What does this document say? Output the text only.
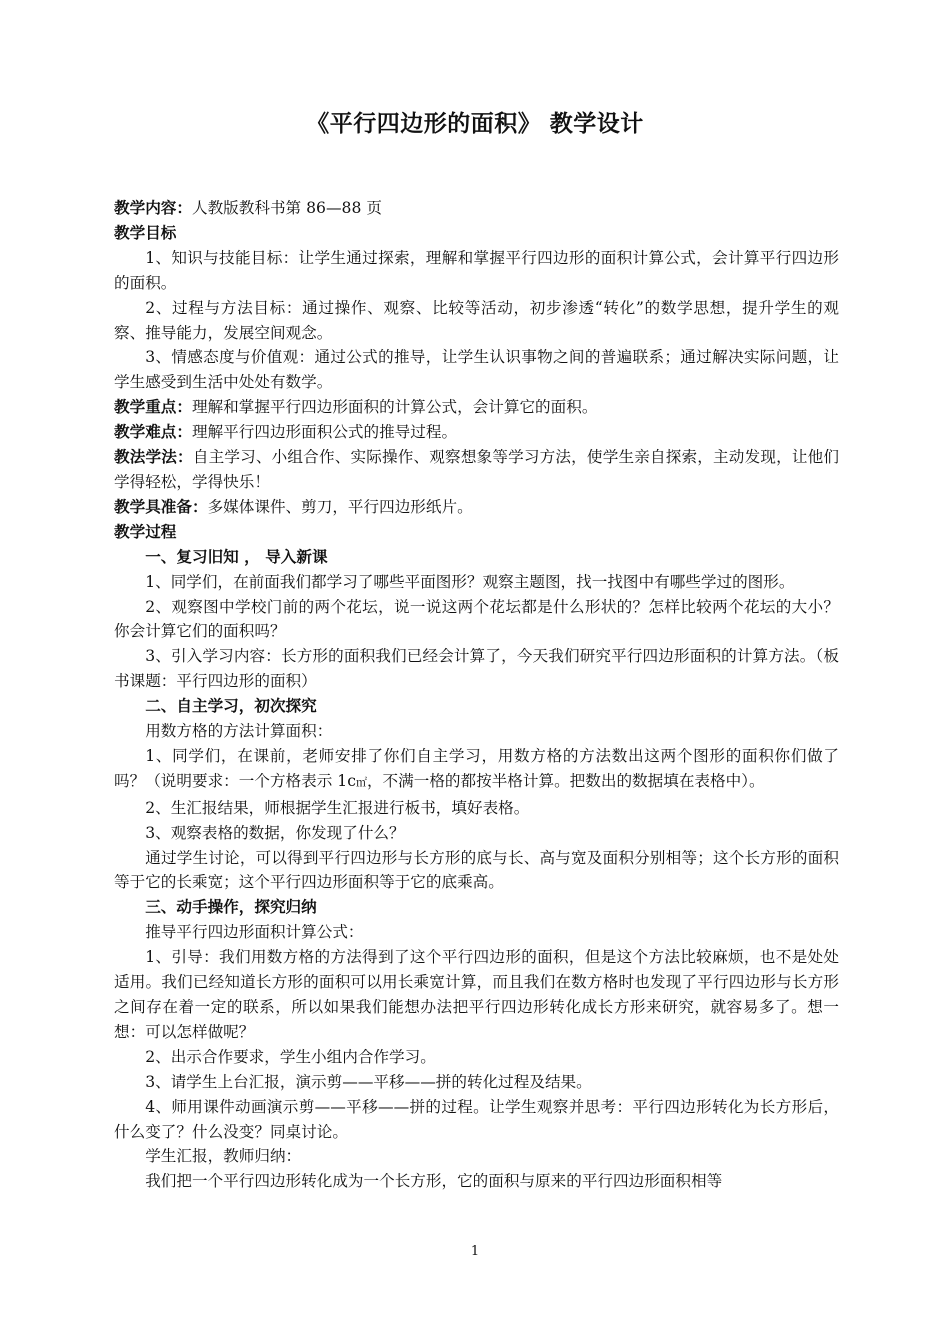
《平行四边形的面积》 教学设计

教学内容：人教版教科书第 86—88 页

教学目标

1、知识与技能目标：让学生通过探索，理解和掌握平行四边形的面积计算公式，会计算平行四边形的面积。

2、过程与方法目标：通过操作、观察、比较等活动，初步渗透“转化”的数学思想，提升学生的观察、推导能力，发展空间观念。

3、情感态度与价值观：通过公式的推导，让学生认识事物之间的普遍联系；通过解决实际问题，让学生感受到生活中处处有数学。

教学重点：理解和掌握平行四边形面积的计算公式，会计算它的面积。

教学难点：理解平行四边形面积公式的推导过程。

教法学法：自主学习、小组合作、实际操作、观察想象等学习方法，使学生亲自探索，主动发现，让他们学得轻松，学得快乐！

教学具准备：多媒体课件、剪刀，平行四边形纸片。

教学过程

一、复习旧知 ， 导入新课

1、同学们，在前面我们都学习了哪些平面图形？观察主题图，找一找图中有哪些学过的图形。

2、观察图中学校门前的两个花坛，说一说这两个花坛都是什么形状的？怎样比较两个花坛的大小？你会计算它们的面积吗？

3、引入学习内容：长方形的面积我们已经会计算了，今天我们研究平行四边形面积的计算方法。（板书课题：平行四边形的面积）

二、自主学习，初次探究

用数方格的方法计算面积：

1、同学们，在课前，老师安排了你们自主学习，用数方格的方法数出这两个图形的面积你们做了吗？（说明要求：一个方格表示 1c㎡，不满一格的都按半格计算。把数出的数据填在表格中）。

2、生汇报结果，师根据学生汇报进行板书，填好表格。

3、观察表格的数据，你发现了什么？

通过学生讨论，可以得到平行四边形与长方形的底与长、高与宽及面积分别相等；这个长方形的面积等于它的长乘宽；这个平行四边形面积等于它的底乘高。

三、动手操作，探究归纳

推导平行四边形面积计算公式：

1、引导：我们用数方格的方法得到了这个平行四边形的面积，但是这个方法比较麻烦，也不是处处适用。我们已经知道长方形的面积可以用长乘宽计算，而且我们在数方格时也发现了平行四边形与长方形之间存在着一定的联系，所以如果我们能想办法把平行四边形转化成长方形来研究，就容易多了。想一想：可以怎样做呢？

2、出示合作要求，学生小组内合作学习。

3、请学生上台汇报，演示剪——平移——拼的转化过程及结果。

4、师用课件动画演示剪——平移——拼的过程。让学生观察并思考：平行四边形转化为长方形后，什么变了？什么没变？同桌讨论。

学生汇报，教师归纳：

我们把一个平行四边形转化成为一个长方形，它的面积与原来的平行四边形面积相等

1
